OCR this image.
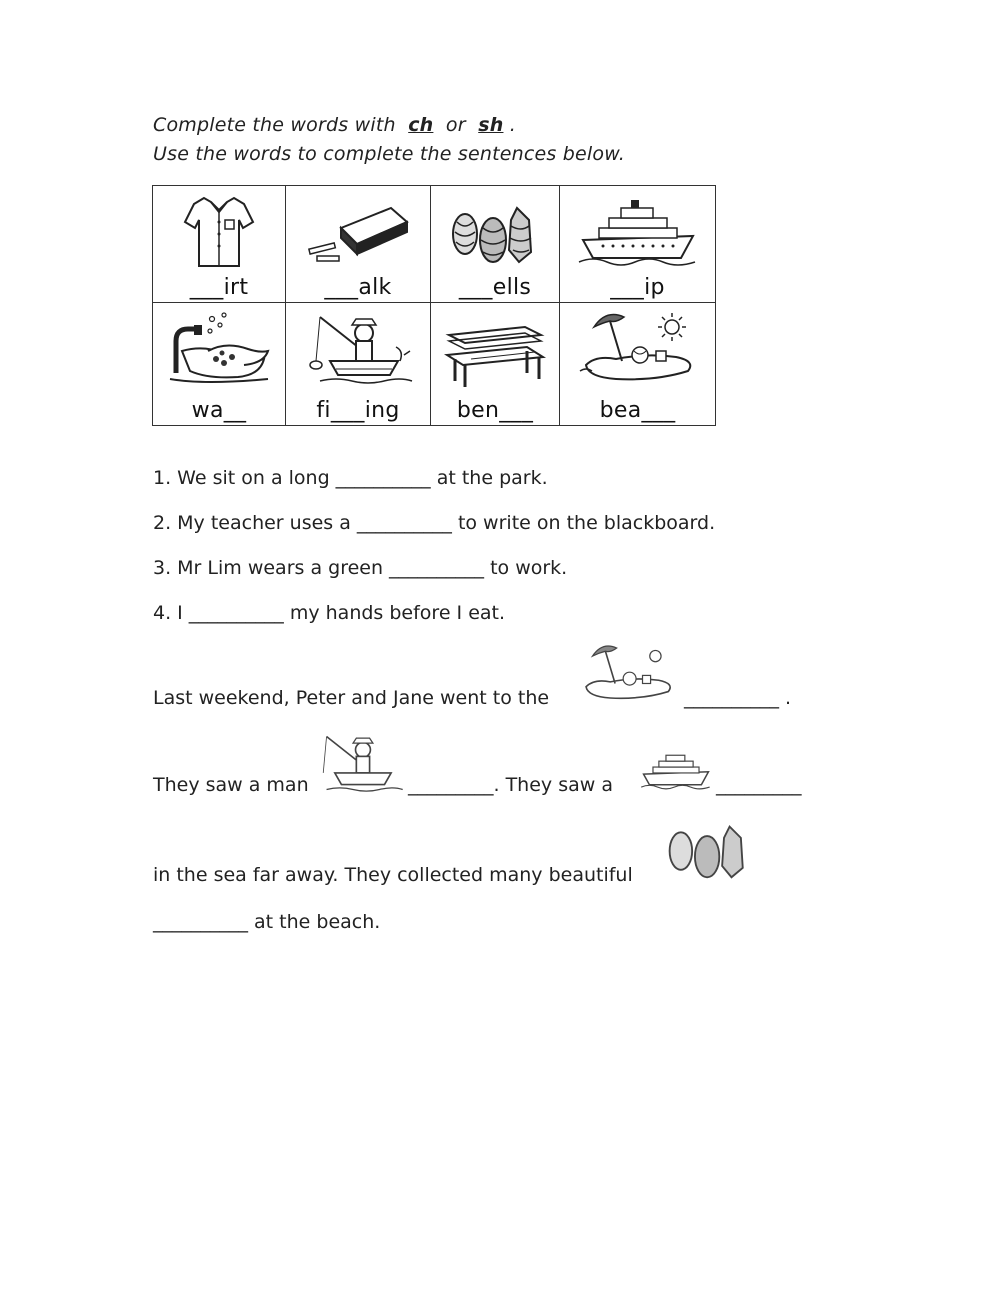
Complete the words with ch or sh .
Use the words to complete the sentences below.
___irt	___alk	___ells	___ip

wa__	fi___ing	ben___	bea___
1. We sit on a long __________ at the park.
2. My teacher uses a __________ to write on the blackboard.
3. Mr Lim wears a green __________ to work.
4. I __________ my hands before I eat.
Last weekend, Peter and Jane went to the	__________ .
They saw a man	_________. They saw a	_________
in the sea far away. They collected many beautiful
__________ at the beach.
